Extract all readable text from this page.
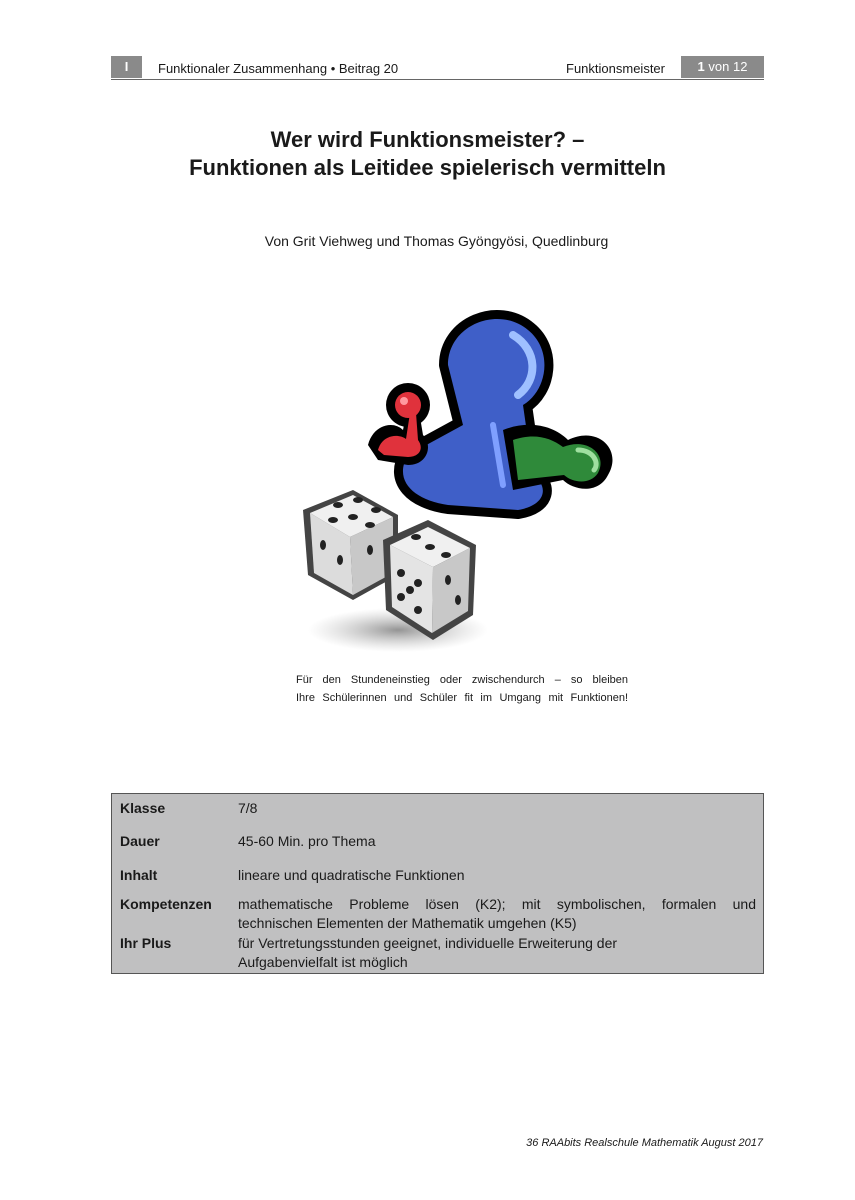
I	Funktionaler Zusammenhang • Beitrag 20	Funktionsmeister	1 von 12
Wer wird Funktionsmeister? –
Funktionen als Leitidee spielerisch vermitteln
Von Grit Viehweg und Thomas Gyöngyösi, Quedlinburg
Für den Stundeneinstieg oder zwischendurch – so bleiben
Ihre Schülerinnen und Schüler fit im Umgang mit Funktionen!
Klasse	7/8
Dauer	45-60 Min. pro Thema
Inhalt	lineare und quadratische Funktionen
Kompetenzen mathematische Probleme lösen (K2); mit symbolischen, formalen und
technischen Elementen der Mathematik umgehen (K5)
Ihr Plus	für Vertretungsstunden geeignet, individuelle Erweiterung der
Aufgabenvielfalt ist möglich
36 RAAbits Realschule Mathematik August 2017
